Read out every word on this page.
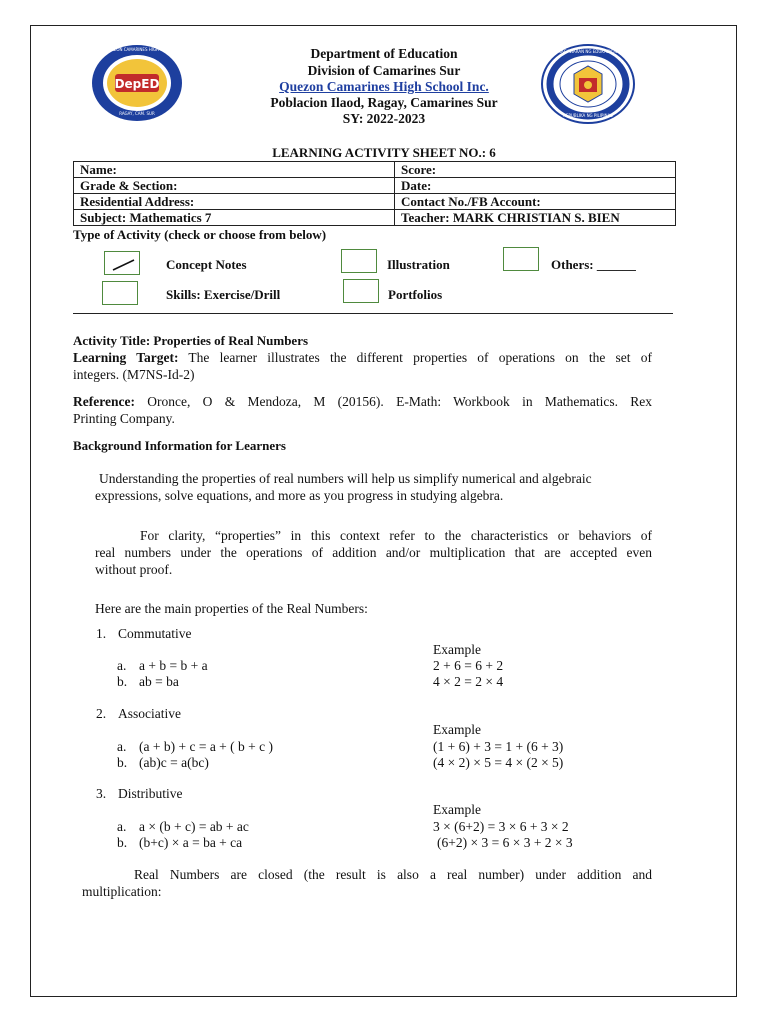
DepED
QUEZON CAMARINES HIGH SCHOOL INC.
RAGAY, CAM. SUR
KAGAWARAN NG EDUKASYON
REPUBLIKA NG PILIPINAS
Department of Education
Division of Camarines Sur
Quezon Camarines High School Inc.
Poblacion Ilaod, Ragay, Camarines Sur
SY: 2022-2023
LEARNING ACTIVITY SHEET NO.: 6
Name:	Score:
Grade & Section:	Date:
Residential Address:	Contact No./FB Account:
Subject: Mathematics 7	Teacher: MARK CHRISTIAN S. BIEN
Type of Activity (check or choose from below)
Concept Notes	Illustration	Others: ______
Skills: Exercise/Drill	Portfolios
Activity Title: Properties of Real Numbers
Learning Target: The learner illustrates the different properties of operations on the set of
integers. (M7NS-Id-2)
Reference: Oronce, O & Mendoza, M (20156). E-Math: Workbook in Mathematics. Rex
Printing Company.
Background Information for Learners
Understanding the properties of real numbers will help us simplify numerical and algebraic
expressions, solve equations, and more as you progress in studying algebra.
For clarity, “properties” in this context refer to the characteristics or behaviors of
real numbers under the operations of addition and/or multiplication that are accepted even
without proof.
Here are the main properties of the Real Numbers:
1. Commutative
Example
a. a + b = b + a	2 + 6 = 6 + 2
b. ab = ba	4 × 2 = 2 × 4
2. Associative
Example
a. (a + b) + c = a + ( b + c )	(1 + 6) + 3 = 1 + (6 + 3)
b. (ab)c = a(bc)	(4 × 2) × 5 = 4 × (2 × 5)
3. Distributive
Example
a. a × (b + c) = ab + ac	3 × (6+2) = 3 × 6 + 3 × 2
b. (b+c) × a = ba + ca	(6+2) × 3 = 6 × 3 + 2 × 3
Real Numbers are closed (the result is also a real number) under addition and
multiplication:
